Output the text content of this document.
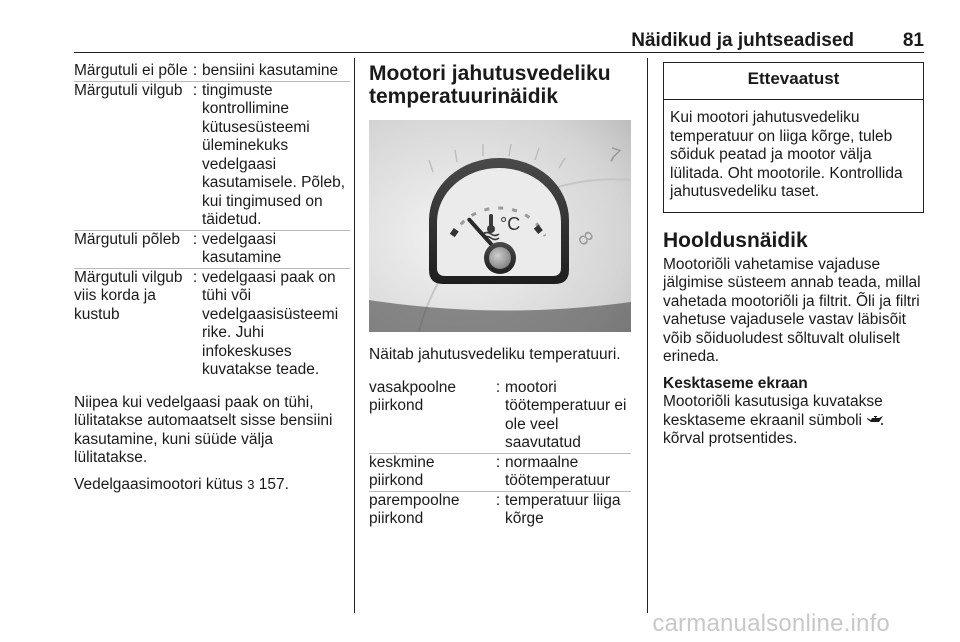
Näidikud ja juhtseadised	81
Märgutuli ei põle	:	bensiini kasutamine
Märgutuli vilgub	:	tingimuste kontrollimine kütusesüsteemi üleminekuks vedelgaasi kasutamisele. Põleb, kui tingimused on täidetud.
Märgutuli põleb	:	vedelgaasi kasutamine
Märgutuli vilgub viis korda ja kustub	:	vedelgaasi paak on tühi või vedelgaasisüsteemi rike. Juhi infokeskuses kuvatakse teade.

Niipea kui vedelgaasi paak on tühi, lülitatakse automaatselt sisse bensiini kasutamine, kuni süüde välja lülitatakse.

Vedelgaasimootori kütus 3 157.

Mootori jahutusvedeliku temperatuurinäidik
7
8
°C

Näitab jahutusvedeliku temperatuuri.

vasakpoolne piirkond	:	mootori töötemperatuur ei ole veel saavutatud
keskmine piirkond	:	normaalne töötemperatuur
parempoolne piirkond	:	temperatuur liiga kõrge
Ettevaatust
Kui mootori jahutusvedeliku temperatuur on liiga kõrge, tuleb sõiduk peatad ja mootor välja lülitada. Oht mootorile. Kontrollida jahutusvedeliku taset.
Hooldusnäidik

Mootoriõli vahetamise vajaduse jälgimise süsteem annab teada, millal vahetada mootoriõli ja filtrit. Õli ja filtri vahetuse vajadusele vastav läbisõit võib sõiduoludest sõltuvalt oluliselt erineda.

Kesktaseme ekraan

Mootoriõli kasutusiga kuvatakse kesktaseme ekraanil sümboli  kõrval protsentides.

carmanualsonline.info
